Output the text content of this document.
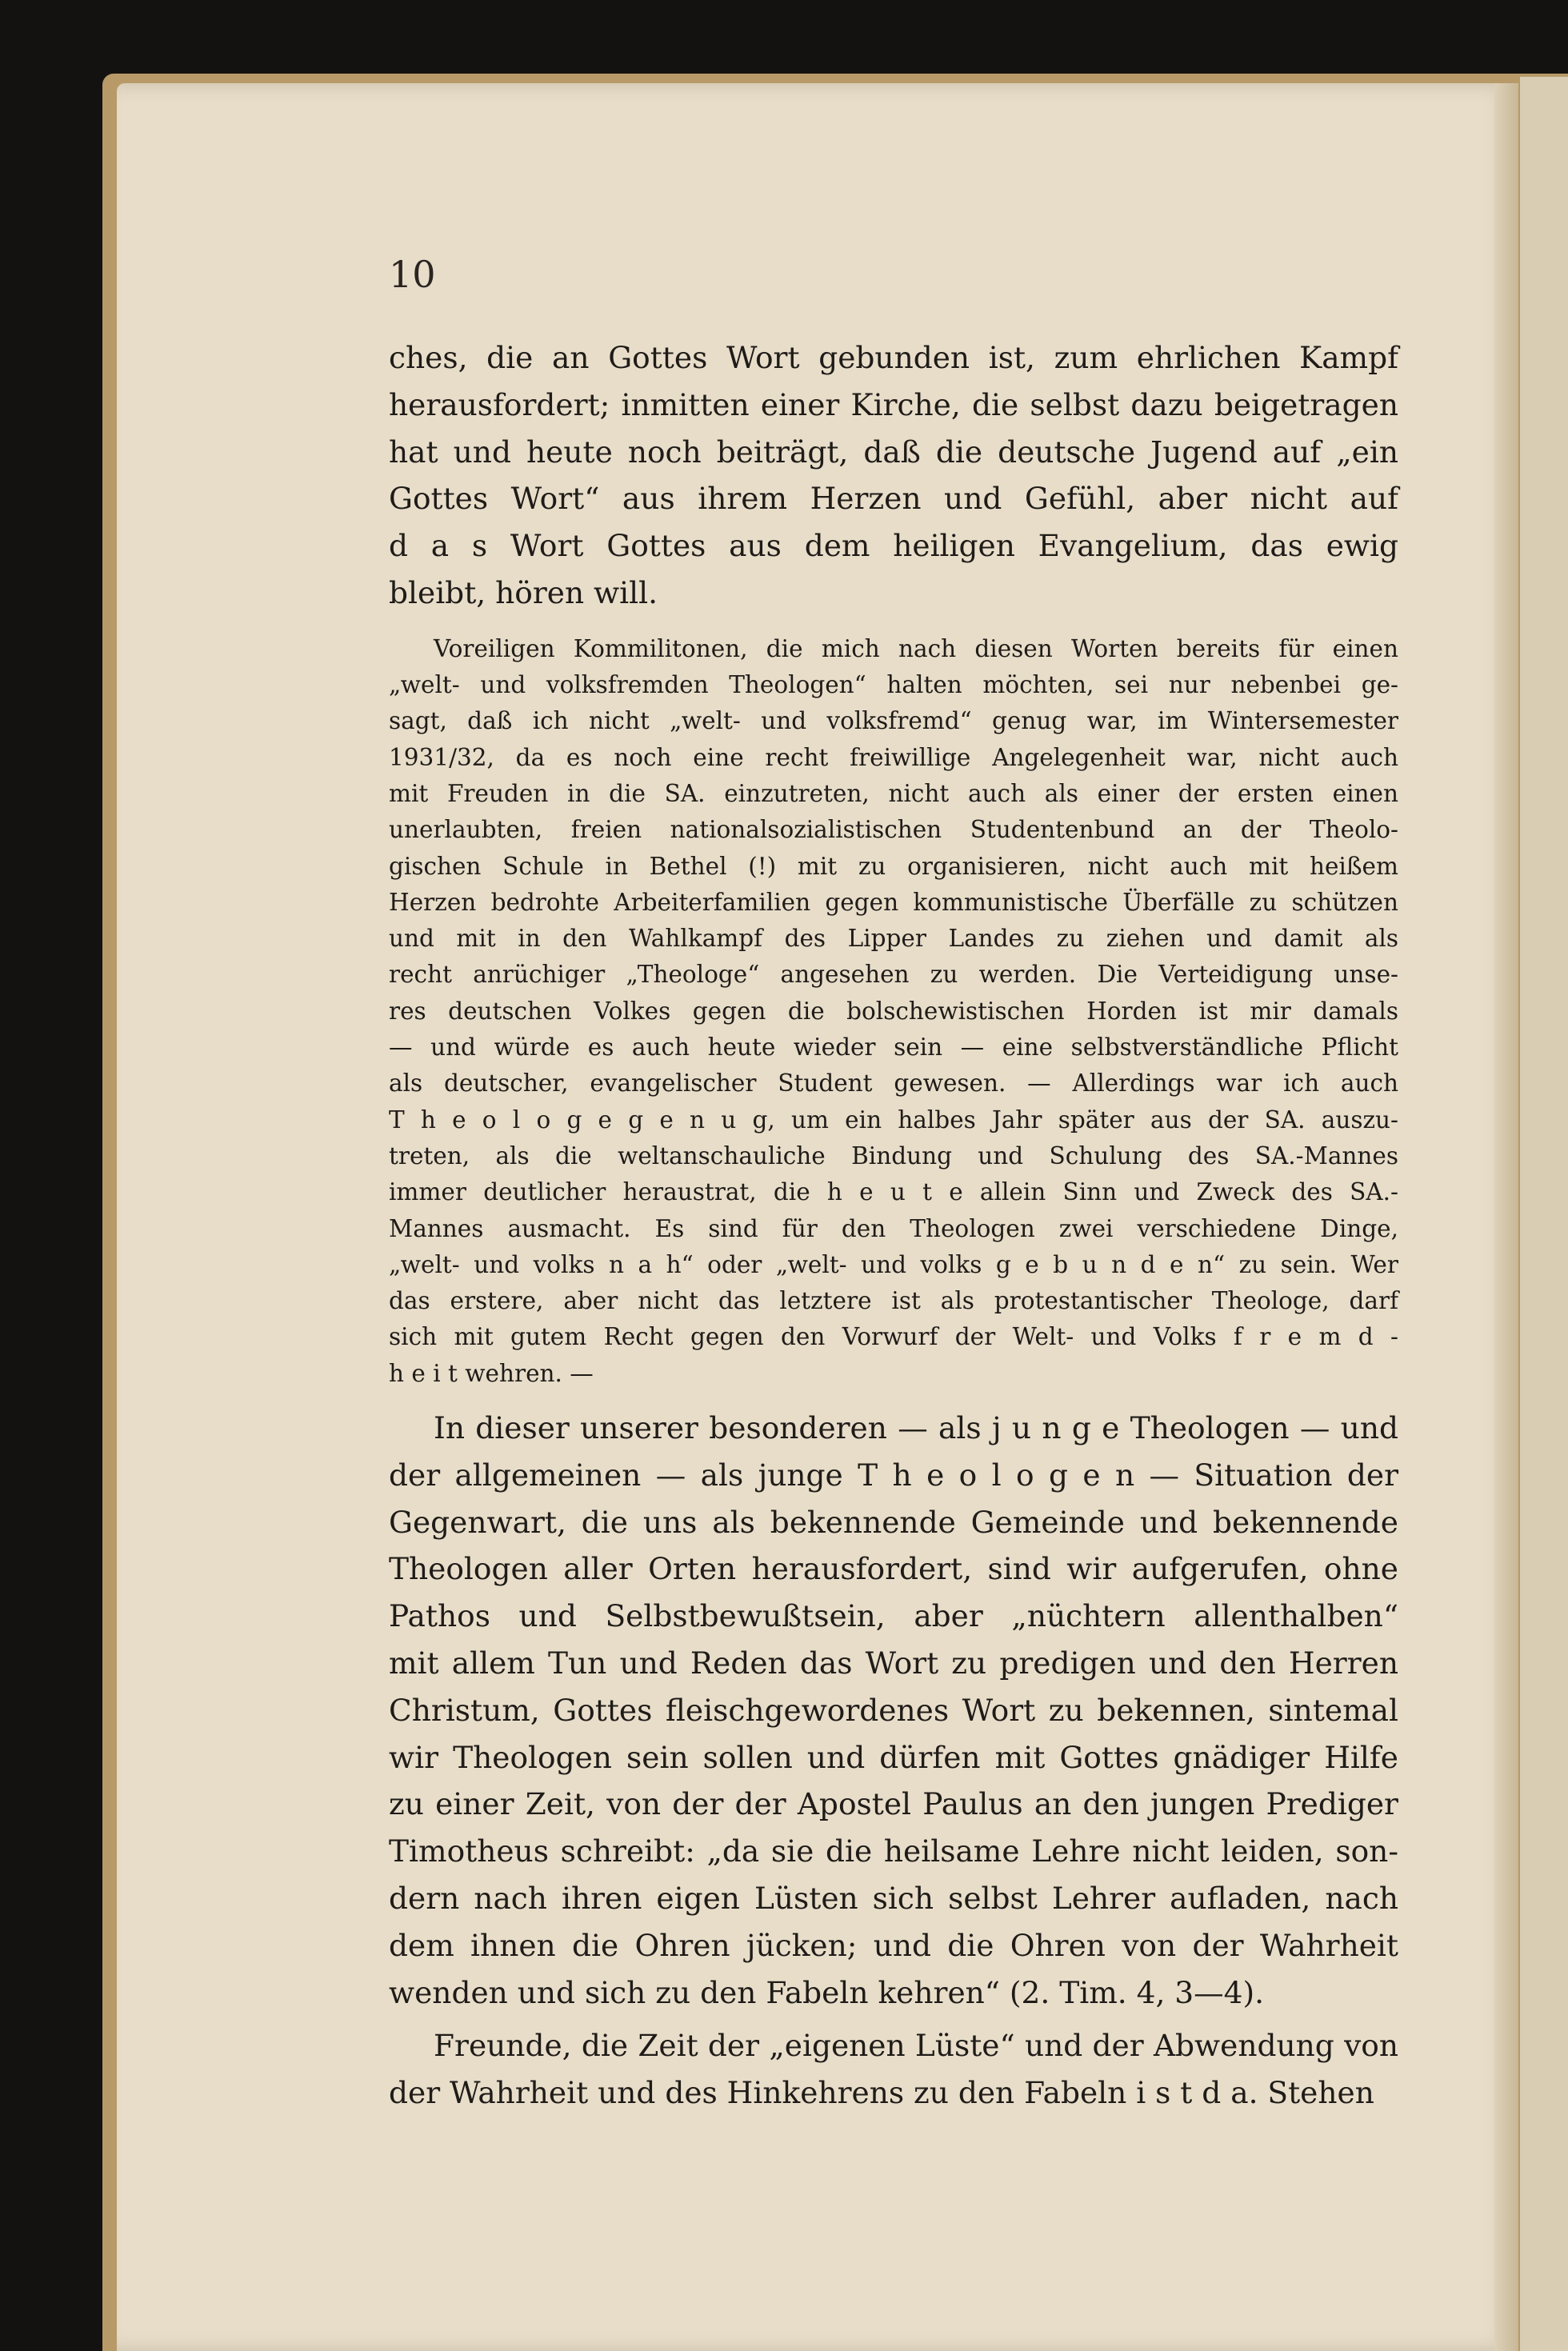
10
ches, die an Gottes Wort gebunden ist, zum ehrlichen Kampf
herausfordert; inmitten einer Kirche, die selbst dazu beigetragen
hat und heute noch beiträgt, daß die deutsche Jugend auf „ein
Gottes Wort“ aus ihrem Herzen und Gefühl, aber nicht auf
d a s Wort Gottes aus dem heiligen Evangelium, das ewig
bleibt, hören will.
Voreiligen Kommilitonen, die mich nach diesen Worten bereits für einen
„welt- und volksfremden Theologen“ halten möchten, sei nur nebenbei ge-
sagt, daß ich nicht „welt- und volksfremd“ genug war, im Wintersemester
1931/32, da es noch eine recht freiwillige Angelegenheit war, nicht auch
mit Freuden in die SA. einzutreten, nicht auch als einer der ersten einen
unerlaubten, freien nationalsozialistischen Studentenbund an der Theolo-
gischen Schule in Bethel (!) mit zu organisieren, nicht auch mit heißem
Herzen bedrohte Arbeiterfamilien gegen kommunistische Überfälle zu schützen
und mit in den Wahlkampf des Lipper Landes zu ziehen und damit als
recht anrüchiger „Theologe“ angesehen zu werden. Die Verteidigung unse-
res deutschen Volkes gegen die bolschewistischen Horden ist mir damals
— und würde es auch heute wieder sein — eine selbstverständliche Pflicht
als deutscher, evangelischer Student gewesen. — Allerdings war ich auch
T h e o l o g e g e n u g, um ein halbes Jahr später aus der SA. auszu-
treten, als die weltanschauliche Bindung und Schulung des SA.-Mannes
immer deutlicher heraustrat, die h e u t e allein Sinn und Zweck des SA.-
Mannes ausmacht. Es sind für den Theologen zwei verschiedene Dinge,
„welt- und volks n a h“ oder „welt- und volks g e b u n d e n“ zu sein. Wer
das erstere, aber nicht das letztere ist als protestantischer Theologe, darf
sich mit gutem Recht gegen den Vorwurf der Welt- und Volks f r e m d -
h e i t wehren. —
In dieser unserer besonderen — als j u n g e Theologen — und
der allgemeinen — als junge T h e o l o g e n — Situation der
Gegenwart, die uns als bekennende Gemeinde und bekennende
Theologen aller Orten herausfordert, sind wir aufgerufen, ohne
Pathos und Selbstbewußtsein, aber „nüchtern allenthalben“
mit allem Tun und Reden das Wort zu predigen und den Herren
Christum, Gottes fleischgewordenes Wort zu bekennen, sintemal
wir Theologen sein sollen und dürfen mit Gottes gnädiger Hilfe
zu einer Zeit, von der der Apostel Paulus an den jungen Prediger
Timotheus schreibt: „da sie die heilsame Lehre nicht leiden, son-
dern nach ihren eigen Lüsten sich selbst Lehrer aufladen, nach
dem ihnen die Ohren jücken; und die Ohren von der Wahrheit
wenden und sich zu den Fabeln kehren“ (2. Tim. 4, 3—4).
Freunde, die Zeit der „eigenen Lüste“ und der Abwendung von
der Wahrheit und des Hinkehrens zu den Fabeln i s t d a. Stehen
